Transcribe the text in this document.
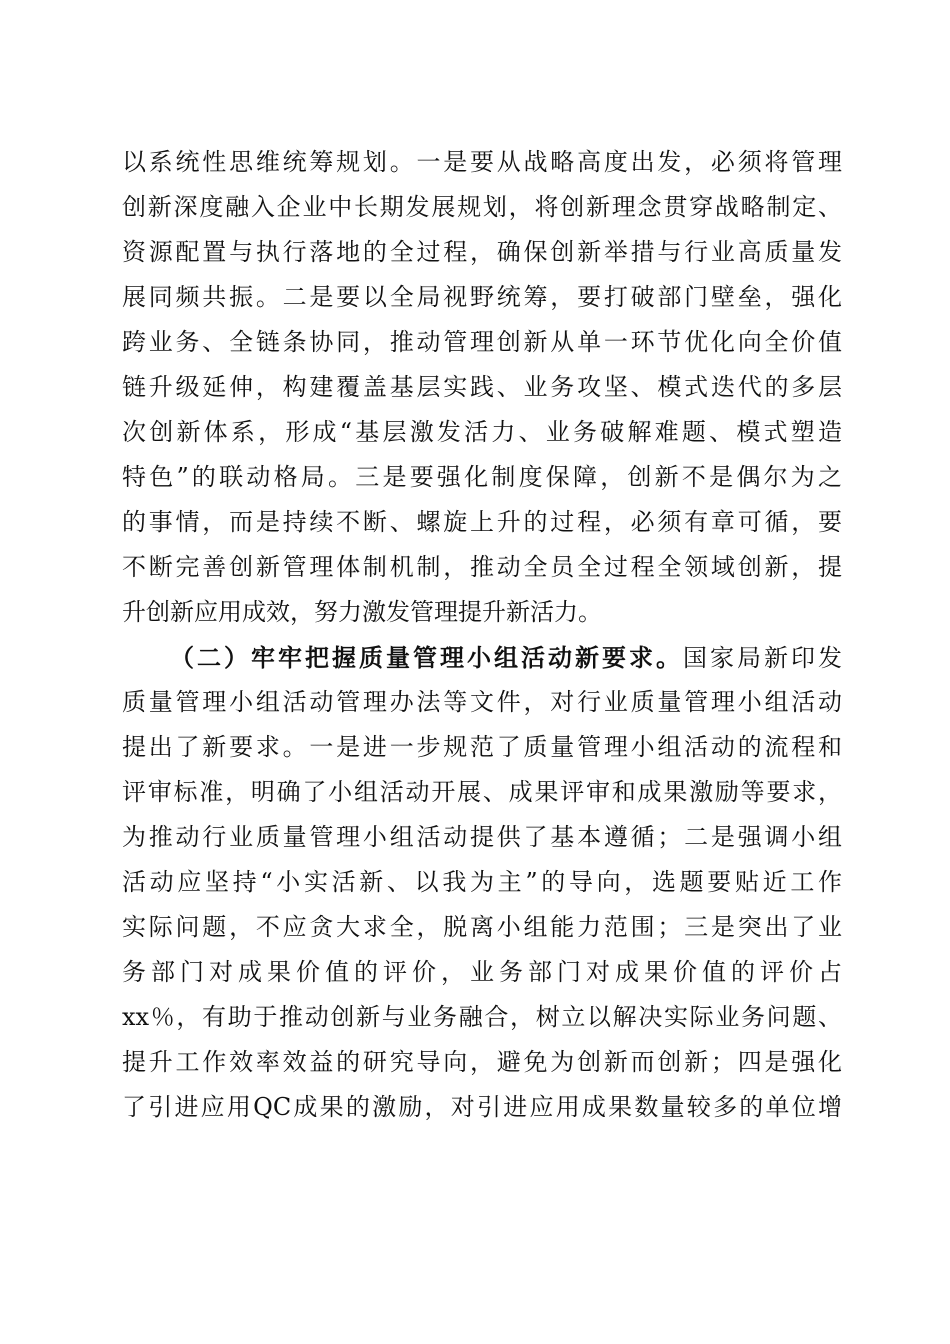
以系统性思维统筹规划。一是要从战略高度出发，必须将管理
创新深度融入企业中长期发展规划，将创新理念贯穿战略制定、
资源配置与执行落地的全过程，确保创新举措与行业高质量发
展同频共振。二是要以全局视野统筹，要打破部门壁垒，强化
跨业务、全链条协同，推动管理创新从单一环节优化向全价值
链升级延伸，构建覆盖基层实践、业务攻坚、模式迭代的多层
次创新体系，形成“基层激发活力、业务破解难题、模式塑造
特色”的联动格局。三是要强化制度保障，创新不是偶尔为之
的事情，而是持续不断、螺旋上升的过程，必须有章可循，要
不断完善创新管理体制机制，推动全员全过程全领域创新，提
升创新应用成效，努力激发管理提升新活力。
（二）牢牢把握质量管理小组活动新要求。国家局新印发
质量管理小组活动管理办法等文件，对行业质量管理小组活动
提出了新要求。一是进一步规范了质量管理小组活动的流程和
评审标准，明确了小组活动开展、成果评审和成果激励等要求，
为推动行业质量管理小组活动提供了基本遵循；二是强调小组
活动应坚持“小实活新、以我为主”的导向，选题要贴近工作
实际问题，不应贪大求全，脱离小组能力范围；三是突出了业
务部门对成果价值的评价，业务部门对成果价值的评价占
xx％，有助于推动创新与业务融合，树立以解决实际业务问题、
提升工作效率效益的研究导向，避免为创新而创新；四是强化
了引进应用QC成果的激励，对引进应用成果数量较多的单位增
